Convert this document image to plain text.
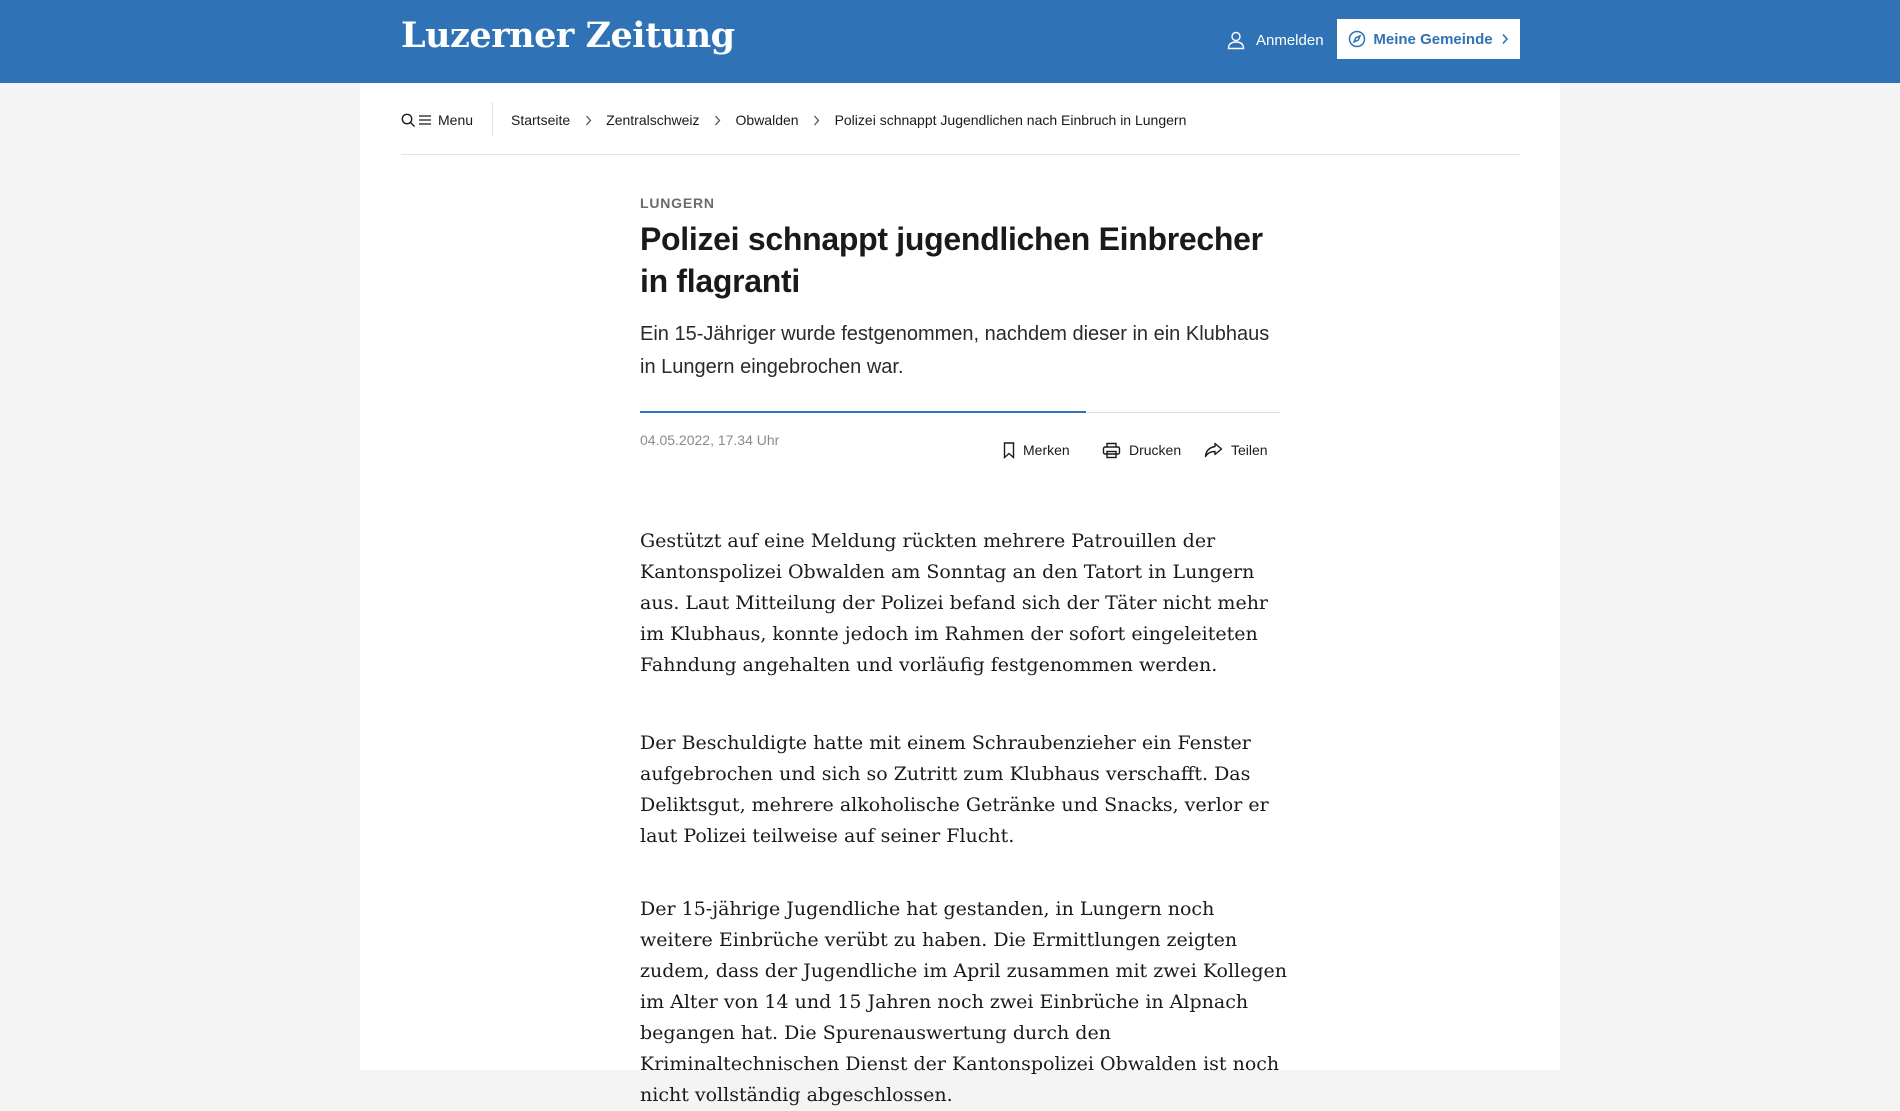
Luzerner Zeitung	Anmelden	Meine Gemeinde
Menu	Startseite	Zentralschweiz	Obwalden	Polizei schnappt Jugendlichen nach Einbruch in Lungern
LUNGERN
Polizei schnappt jugendlichen Einbrecher in flagranti

Ein 15-Jähriger wurde festgenommen, nachdem dieser in ein Klubhaus in Lungern eingebrochen war.

04.05.2022, 17.34 Uhr
Merken	Drucken	Teilen

Gestützt auf eine Meldung rückten mehrere Patrouillen der Kantonspolizei Obwalden am Sonntag an den Tatort in Lungern aus. Laut Mitteilung der Polizei befand sich der Täter nicht mehr im Klubhaus, konnte jedoch im Rahmen der sofort eingeleiteten Fahndung angehalten und vorläufig festgenommen werden.

Der Beschuldigte hatte mit einem Schraubenzieher ein Fenster aufgebrochen und sich so Zutritt zum Klubhaus verschafft. Das Deliktsgut, mehrere alkoholische Getränke und Snacks, verlor er laut Polizei teilweise auf seiner Flucht.

Der 15-jährige Jugendliche hat gestanden, in Lungern noch weitere Einbrüche verübt zu haben. Die Ermittlungen zeigten zudem, dass der Jugendliche im April zusammen mit zwei Kollegen im Alter von 14 und 15 Jahren noch zwei Einbrüche in Alpnach begangen hat. Die Spurenauswertung durch den Kriminaltechnischen Dienst der Kantonspolizei Obwalden ist noch nicht vollständig abgeschlossen.
